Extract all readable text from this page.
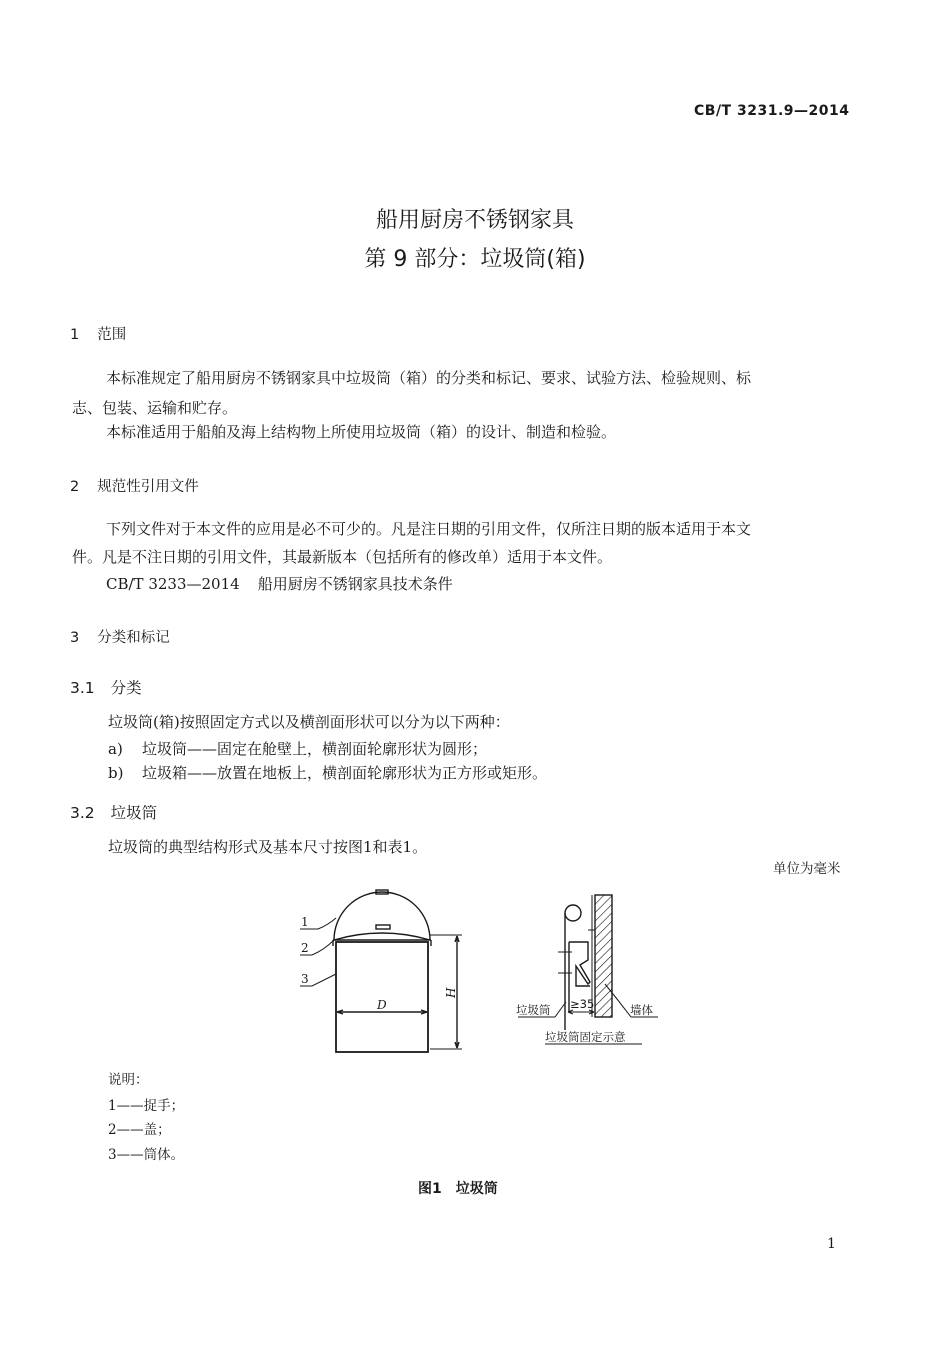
CB/T 3231.9—2014
船用厨房不锈钢家具
第 9 部分：垃圾筒(箱)
1 范围
本标准规定了船用厨房不锈钢家具中垃圾筒（箱）的分类和标记、要求、试验方法、检验规则、标
志、包装、运输和贮存。
本标准适用于船舶及海上结构物上所使用垃圾筒（箱）的设计、制造和检验。
2 规范性引用文件
下列文件对于本文件的应用是必不可少的。凡是注日期的引用文件，仅所注日期的版本适用于本文
件。凡是不注日期的引用文件，其最新版本（包括所有的修改单）适用于本文件。
CB/T 3233—2014 船用厨房不锈钢家具技术条件
3 分类和标记
3.1 分类
垃圾筒(箱)按照固定方式以及横剖面形状可以分为以下两种：
a) 垃圾筒——固定在舱壁上，横剖面轮廓形状为圆形；
b) 垃圾箱——放置在地板上，横剖面轮廓形状为正方形或矩形。
3.2 垃圾筒
垃圾筒的典型结构形式及基本尺寸按图1和表1。
单位为毫米
1
2
3
D
H
垃圾筒 ≥35	墙体
垃圾筒固定示意
说明：
1——捉手；
2——盖；
3——筒体。
图1　垃圾筒
1
